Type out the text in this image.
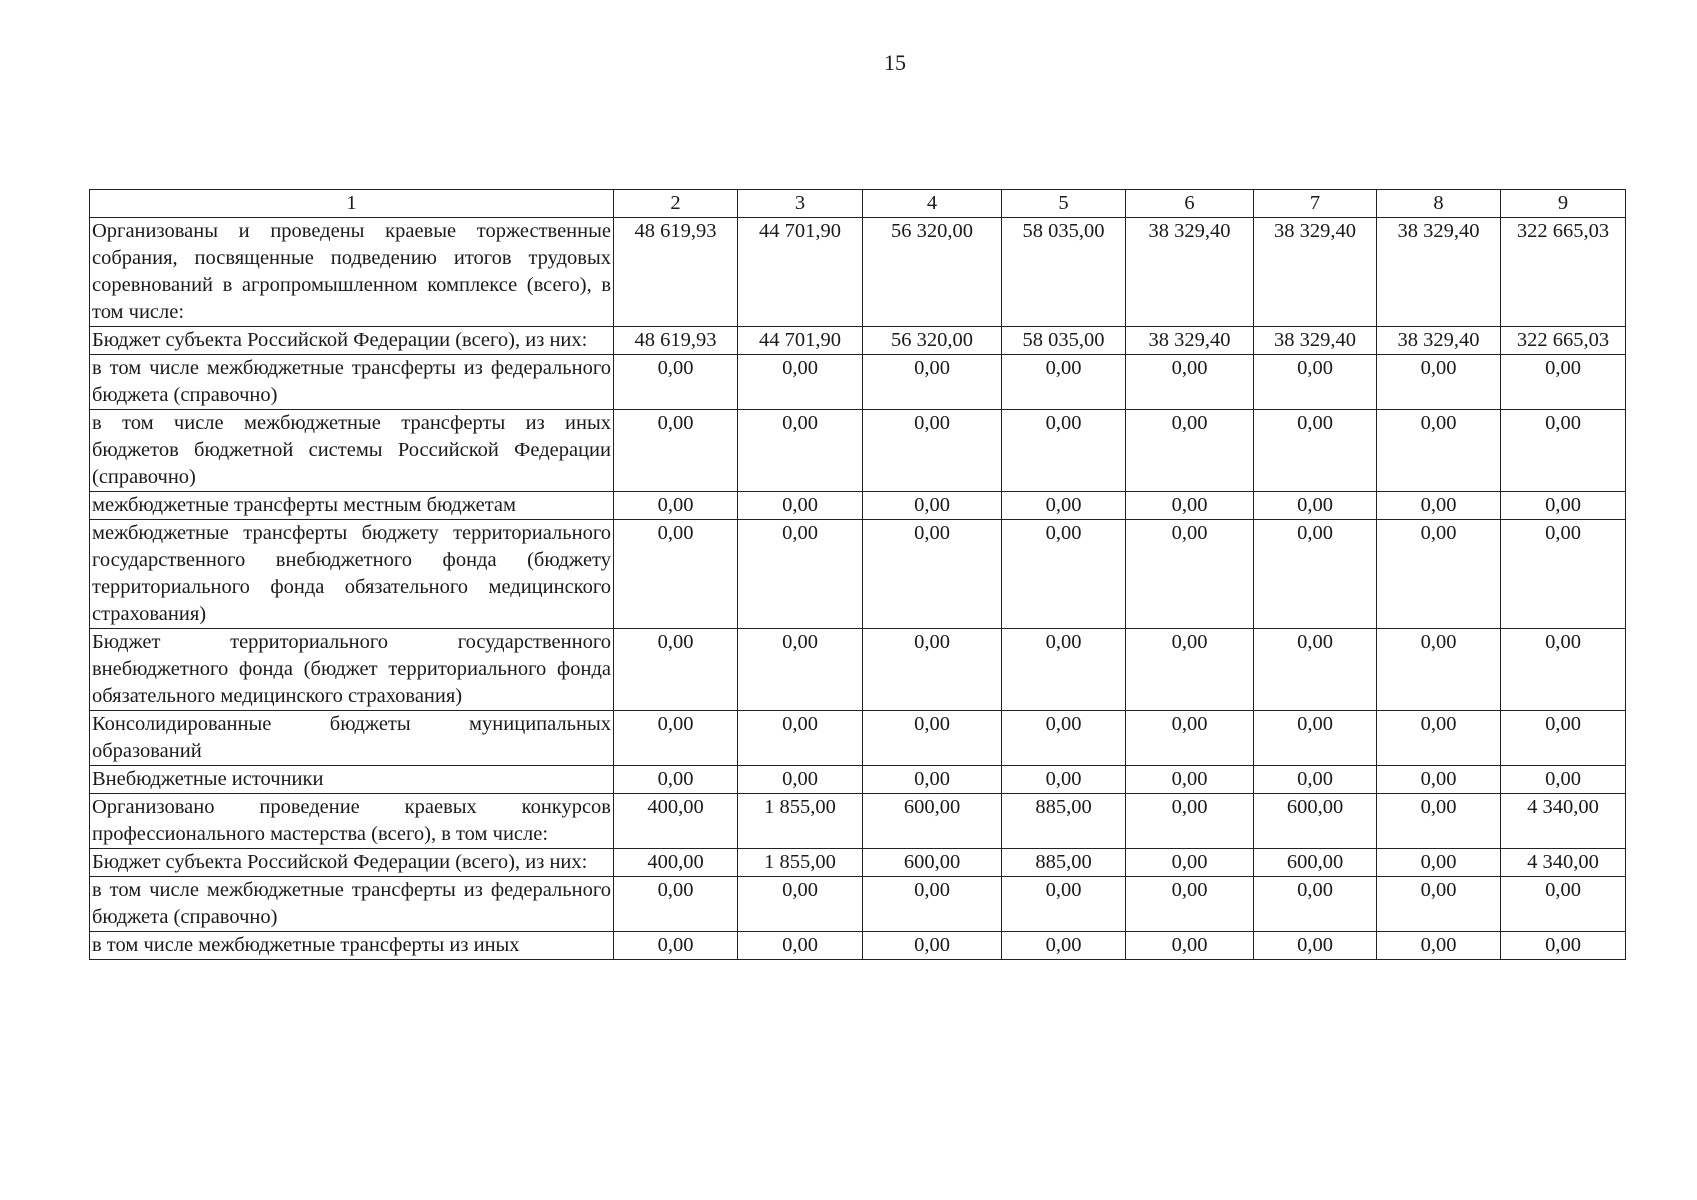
15
1	2	3	4	5	6	7	8	9
Организованы и проведены краевые торжественные собрания, посвященные подведению итогов трудовых соревнований в агропромышленном комплексе (всего), в том числе:	48 619,93	44 701,90	56 320,00	58 035,00	38 329,40	38 329,40	38 329,40	322 665,03
Бюджет субъекта Российской Федерации (всего), из них:	48 619,93	44 701,90	56 320,00	58 035,00	38 329,40	38 329,40	38 329,40	322 665,03
в том числе межбюджетные трансферты из федерального бюджета (справочно)	0,00	0,00	0,00	0,00	0,00	0,00	0,00	0,00
в том числе межбюджетные трансферты из иных бюджетов бюджетной системы Российской Федерации (справочно)	0,00	0,00	0,00	0,00	0,00	0,00	0,00	0,00
межбюджетные трансферты местным бюджетам	0,00	0,00	0,00	0,00	0,00	0,00	0,00	0,00
межбюджетные трансферты бюджету территориального государственного внебюджетного фонда (бюджету территориального фонда обязательного медицинского страхования)	0,00	0,00	0,00	0,00	0,00	0,00	0,00	0,00
Бюджет территориального государственного внебюджетного фонда (бюджет территориального фонда обязательного медицинского страхования)	0,00	0,00	0,00	0,00	0,00	0,00	0,00	0,00
Консолидированные бюджеты муниципальных образований	0,00	0,00	0,00	0,00	0,00	0,00	0,00	0,00
Внебюджетные источники	0,00	0,00	0,00	0,00	0,00	0,00	0,00	0,00
Организовано проведение краевых конкурсов профессионального мастерства (всего), в том числе:	400,00	1 855,00	600,00	885,00	0,00	600,00	0,00	4 340,00
Бюджет субъекта Российской Федерации (всего), из них:	400,00	1 855,00	600,00	885,00	0,00	600,00	0,00	4 340,00
в том числе межбюджетные трансферты из федерального бюджета (справочно)	0,00	0,00	0,00	0,00	0,00	0,00	0,00	0,00
в том числе межбюджетные трансферты из иных	0,00	0,00	0,00	0,00	0,00	0,00	0,00	0,00
